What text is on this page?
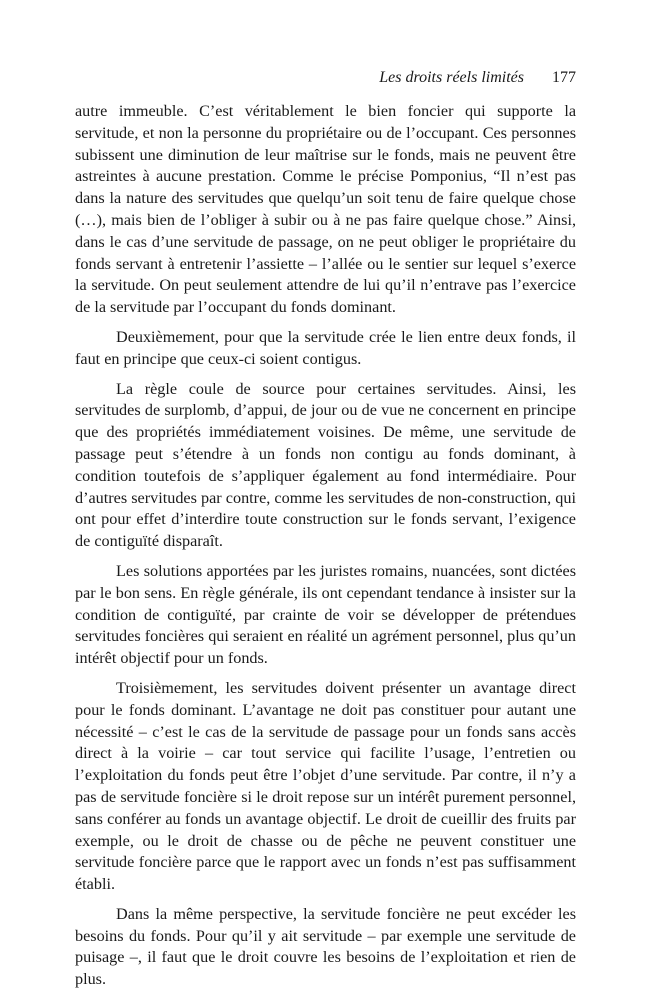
Les droits réels limités 177

autre immeuble. C’est véritablement le bien foncier qui supporte la servitude, et non la personne du propriétaire ou de l’occupant. Ces personnes subissent une diminution de leur maîtrise sur le fonds, mais ne peuvent être astreintes à aucune prestation. Comme le précise Pomponius, “Il n’est pas dans la nature des servitudes que quelqu’un soit tenu de faire quelque chose (…), mais bien de l’obliger à subir ou à ne pas faire quelque chose.” Ainsi, dans le cas d’une servitude de passage, on ne peut obliger le propriétaire du fonds servant à entretenir l’assiette – l’allée ou le sentier sur lequel s’exerce la servitude. On peut seulement attendre de lui qu’il n’entrave pas l’exercice de la servitude par l’occupant du fonds dominant.

Deuxièmement, pour que la servitude crée le lien entre deux fonds, il faut en principe que ceux-ci soient contigus.

La règle coule de source pour certaines servitudes. Ainsi, les servitudes de surplomb, d’appui, de jour ou de vue ne concernent en principe que des propriétés immédiatement voisines. De même, une servitude de passage peut s’étendre à un fonds non contigu au fonds dominant, à condition toutefois de s’appliquer également au fond intermédiaire. Pour d’autres servitudes par contre, comme les servitudes de non-construction, qui ont pour effet d’interdire toute construction sur le fonds servant, l’exigence de contiguïté disparaît.

Les solutions apportées par les juristes romains, nuancées, sont dictées par le bon sens. En règle générale, ils ont cependant tendance à insister sur la condition de contiguïté, par crainte de voir se développer de prétendues servitudes foncières qui seraient en réalité un agrément personnel, plus qu’un intérêt objectif pour un fonds.

Troisièmement, les servitudes doivent présenter un avantage direct pour le fonds dominant. L’avantage ne doit pas constituer pour autant une nécessité – c’est le cas de la servitude de passage pour un fonds sans accès direct à la voirie – car tout service qui facilite l’usage, l’entretien ou l’exploitation du fonds peut être l’objet d’une servitude. Par contre, il n’y a pas de servitude foncière si le droit repose sur un intérêt purement personnel, sans conférer au fonds un avantage objectif. Le droit de cueillir des fruits par exemple, ou le droit de chasse ou de pêche ne peuvent constituer une servitude foncière parce que le rapport avec un fonds n’est pas suffisamment établi.

Dans la même perspective, la servitude foncière ne peut excéder les besoins du fonds. Pour qu’il y ait servitude – par exemple une servitude de puisage –, il faut que le droit couvre les besoins de l’exploitation et rien de plus.
